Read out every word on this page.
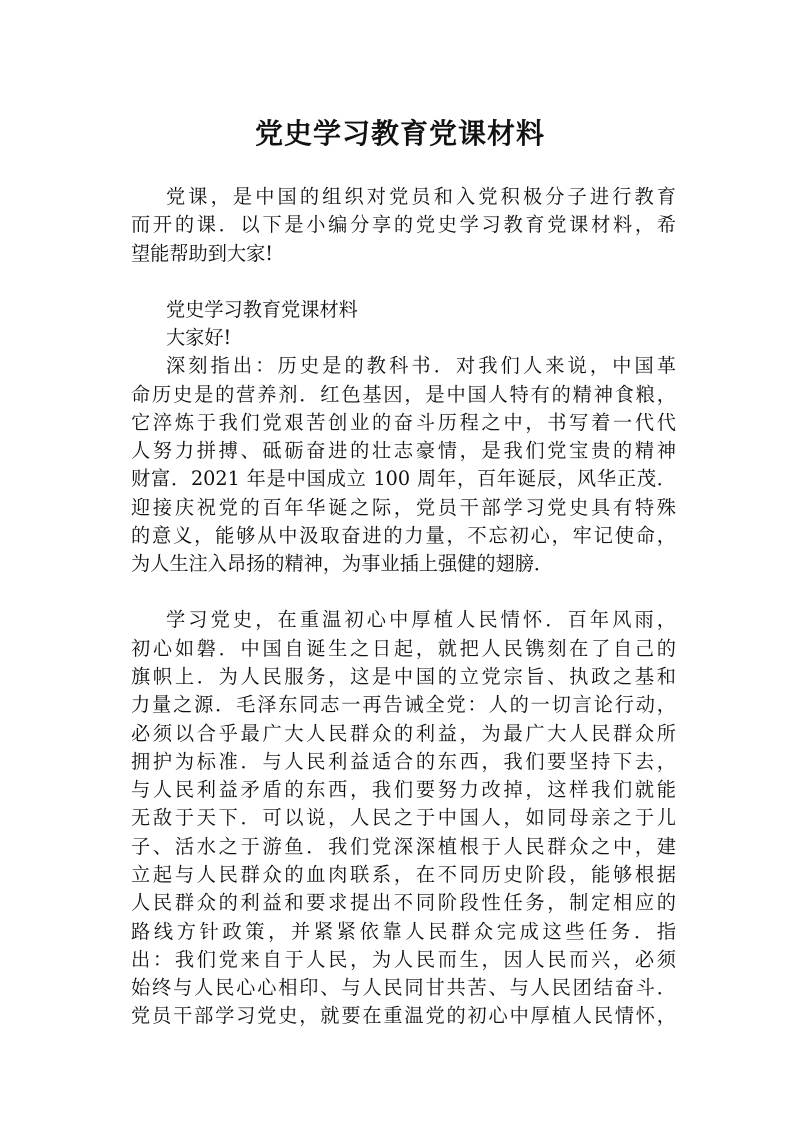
党史学习教育党课材料
党课，是中国的组织对党员和入党积极分子进行教育
而开的课．以下是小编分享的党史学习教育党课材料，希
望能帮助到大家!
党史学习教育党课材料
大家好!
深刻指出：历史是的教科书．对我们人来说，中国革
命历史是的营养剂．红色基因，是中国人特有的精神食粮，
它淬炼于我们党艰苦创业的奋斗历程之中，书写着一代代
人努力拼搏、砥砺奋进的壮志豪情，是我们党宝贵的精神
财富．2021 年是中国成立 100 周年，百年诞辰，风华正茂．
迎接庆祝党的百年华诞之际，党员干部学习党史具有特殊
的意义，能够从中汲取奋进的力量，不忘初心，牢记使命，
为人生注入昂扬的精神，为事业插上强健的翅膀．
学习党史，在重温初心中厚植人民情怀．百年风雨，
初心如磐．中国自诞生之日起，就把人民镌刻在了自己的
旗帜上．为人民服务，这是中国的立党宗旨、执政之基和
力量之源．毛泽东同志一再告诫全党：人的一切言论行动，
必须以合乎最广大人民群众的利益，为最广大人民群众所
拥护为标准．与人民利益适合的东西，我们要坚持下去，
与人民利益矛盾的东西，我们要努力改掉，这样我们就能
无敌于天下．可以说，人民之于中国人，如同母亲之于儿
子、活水之于游鱼．我们党深深植根于人民群众之中，建
立起与人民群众的血肉联系，在不同历史阶段，能够根据
人民群众的利益和要求提出不同阶段性任务，制定相应的
路线方针政策，并紧紧依靠人民群众完成这些任务．指
出：我们党来自于人民，为人民而生，因人民而兴，必须
始终与人民心心相印、与人民同甘共苦、与人民团结奋斗．
党员干部学习党史，就要在重温党的初心中厚植人民情怀，
